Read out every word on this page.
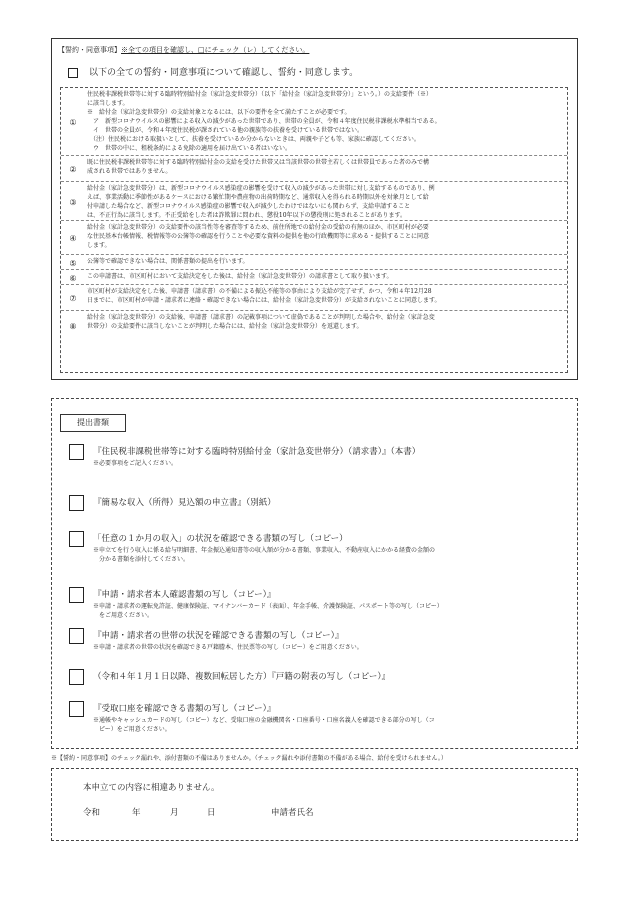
【誓約・同意事項】※全ての項目を確認し、□にチェック（レ）してください。
以下の全ての誓約・同意事項について確認し、誓約・同意します。
①
住民税非課税世帯等に対する臨時特別給付金（家計急変世帯分）（以下「給付金（家計急変世帯分）」という。）の支給要件（※）
に該当します。
※　給付金（家計急変世帯分）の支給対象となるには、以下の要件を全て満たすことが必要です。
　ア　新型コロナウイルスの影響による収入の減少があった世帯であり、世帯の全員が、令和４年度住民税非課税水準相当である。
　イ　世帯の全員が、令和４年度住民税が課されている他の親族等の扶養を受けている世帯ではない。
　（注）住民税における取扱いとして、扶養を受けているか分からないときは、両親や子ども等、家族に確認してください。
　ウ　世帯の中に、租税条約による免除の適用を届け出ている者はいない。
②
既に住民税非課税世帯等に対する臨時特別給付金の支給を受けた世帯又は当該世帯の世帯主若しくは世帯員であった者のみで構
成される世帯ではありません。
③
給付金（家計急変世帯分）は、新型コロナウイルス感染症の影響を受けて収入の減少があった世帯に対し支給するものであり、例
えば、事業活動に季節性があるケースにおける繁忙期や農産物の出荷時期など、通常収入を得られる時期以外を対象月として給
付申請した場合など、新型コロナウイルス感染症の影響で収入が減少したわけではないにも関わらず、支給申請すること
は、不正行為に該当します。不正受給をした者は詐欺罪に問われ、懲役10年以下の懲役刑に処されることがあります。
④
給付金（家計急変世帯分）の支給要件の該当性等を審査等するため、前住所地での給付金の受給の有無のほか、市区町村が必要
な住民基本台帳情報、税情報等の公簿等の確認を行うことや必要な資料の提供を他の行政機関等に求める・提供することに同意
します。
⑤	公簿等で確認できない場合は、関係書類の提出を行います。
⑥	この申請書は、市区町村において支給決定をした後は、給付金（家計急変世帯分）の請求書として取り扱います。
⑦
市区町村が支給決定をした後、申請書（請求書）の不備による振込不能等の事由により支給が完了せず、かつ、令和４年12月28
日までに、市区町村が申請・請求者に連絡・確認できない場合には、給付金（家計急変世帯分）が支給されないことに同意します。
⑧
給付金（家計急変世帯分）の支給後、申請書（請求書）の記載事項について虚偽であることが判明した場合や、給付金（家計急変
世帯分）の支給要件に該当しないことが判明した場合には、給付金（家計急変世帯分）を返還します。
提出書類
『住民税非課税世帯等に対する臨時特別給付金（家計急変世帯分）（請求書）』（本書）
※必要事項をご記入ください。
『簡易な収入（所得）見込額の申立書』（別紙）
「任意の１か月の収入」の状況を確認できる書類の写し（コピー）
※申立てを行う収入に係る給与明細書、年金振込通知書等の収入額が分かる書類、事業収入、不動産収入にかかる経費の金額の
　分かる書類を添付してください。
『申請・請求者本人確認書類の写し（コピー）』
※申請・請求者の運転免許証、健康保険証、マイナンバーカード（表面）、年金手帳、介護保険証、パスポート等の写し（コピー）
　をご用意ください。
『申請・請求者の世帯の状況を確認できる書類の写し（コピー）』
※申請・請求者の世帯の状況を確認できる戸籍謄本、住民票等の写し（コピー）をご用意ください。
（令和４年１月１日以降、複数回転居した方）『戸籍の附表の写し（コピー）』
『受取口座を確認できる書類の写し（コピー）』
※通帳やキャッシュカードの写し（コピー）など、受取口座の金融機関名・口座番号・口座名義人を確認できる部分の写し（コ
　ピー）をご用意ください。
※【誓約・同意事項】のチェック漏れや、添付書類の不備はありませんか。（チェック漏れや添付書類の不備がある場合、給付を受けられません。）
本申立ての内容に相違ありません。
令和	年	月	日	申請者氏名
